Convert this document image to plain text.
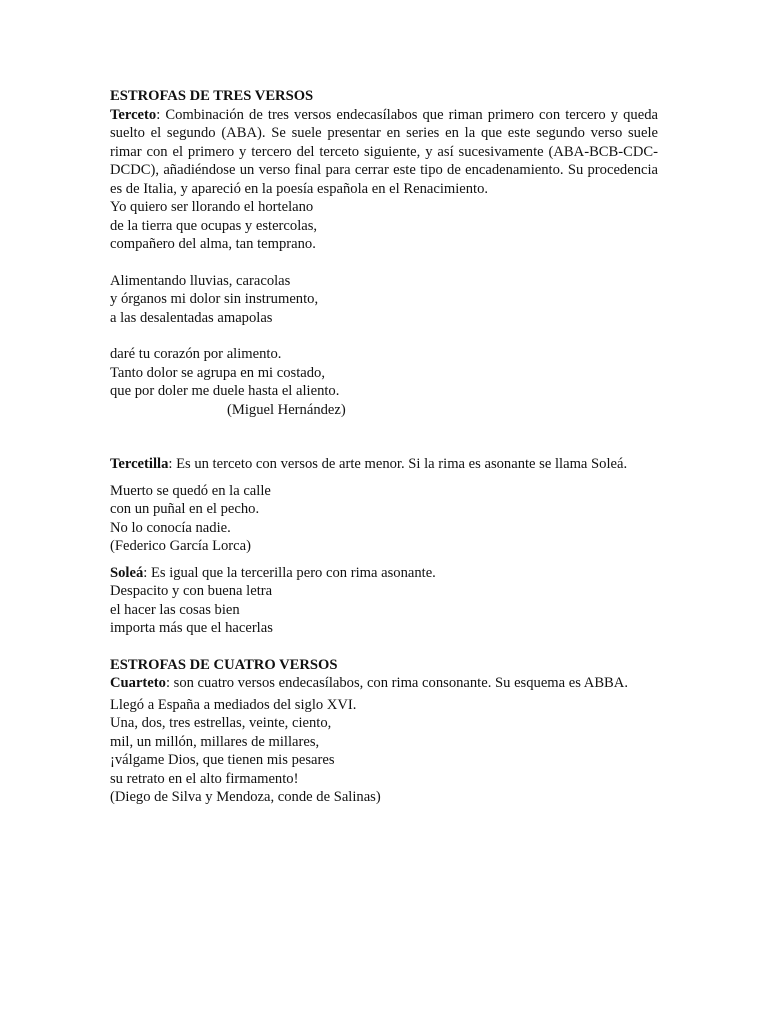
ESTROFAS DE TRES VERSOS
Terceto: Combinación de tres versos endecasílabos que riman primero con tercero y queda suelto el segundo (ABA). Se suele presentar en series en la que este segundo verso suele rimar con el primero y tercero del terceto siguiente, y así sucesivamente (ABA-BCB-CDC-DCDC), añadiéndose un verso final para cerrar este tipo de encadenamiento. Su procedencia es de Italia, y apareció en la poesía española en el Renacimiento.
Yo quiero ser llorando el hortelano
de la tierra que ocupas y estercolas,
compañero del alma, tan temprano.
Alimentando lluvias, caracolas
y órganos mi dolor sin instrumento,
a las desalentadas amapolas
daré tu corazón por alimento.
Tanto dolor se agrupa en mi costado,
que por doler me duele hasta el aliento.
(Miguel Hernández)
Tercetilla: Es un terceto con versos de arte menor. Si la rima es asonante se llama Soleá.
Muerto se quedó en la calle
con un puñal en el pecho.
No lo conocía nadie.
(Federico García Lorca)
Soleá: Es igual que la tercerilla pero con rima asonante.
Despacito y con buena letra
el hacer las cosas bien
importa más que el hacerlas
ESTROFAS DE CUATRO VERSOS
Cuarteto: son cuatro versos endecasílabos, con rima consonante. Su esquema es ABBA.
Llegó a España a mediados del siglo XVI.
Una, dos, tres estrellas, veinte, ciento,
mil, un millón, millares de millares,
¡válgame Dios, que tienen mis pesares
su retrato en el alto firmamento!
(Diego de Silva y Mendoza, conde de Salinas)
